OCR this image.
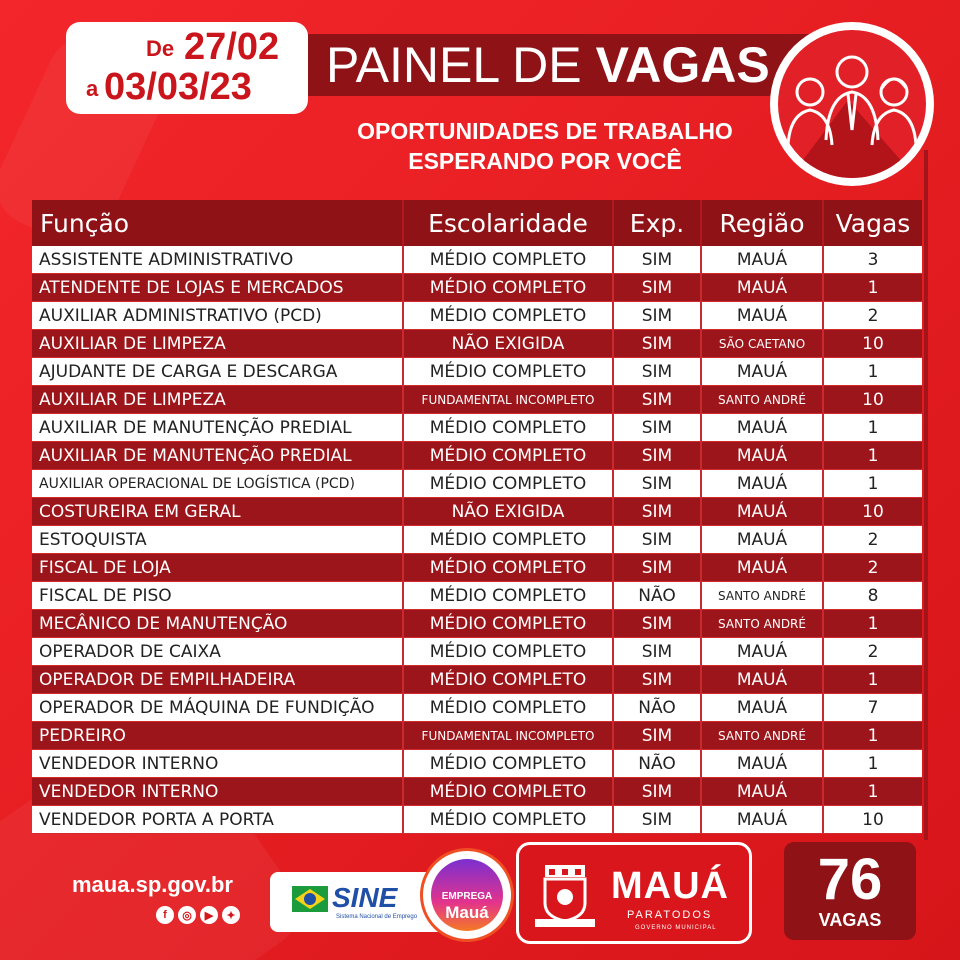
De 27/02
a 03/03/23 PAINEL DE VAGAS
OPORTUNIDADES DE TRABALHO
ESPERANDO POR VOCÊ
Função	Escolaridade	Exp.	Região	Vagas
ASSISTENTE ADMINISTRATIVO	MÉDIO COMPLETO	SIM	MAUÁ	3
ATENDENTE DE LOJAS E MERCADOS	MÉDIO COMPLETO	SIM	MAUÁ	1
AUXILIAR ADMINISTRATIVO (PCD)	MÉDIO COMPLETO	SIM	MAUÁ	2
AUXILIAR DE LIMPEZA	NÃO EXIGIDA	SIM	SÃO CAETANO	10
AJUDANTE DE CARGA E DESCARGA	MÉDIO COMPLETO	SIM	MAUÁ	1
AUXILIAR DE LIMPEZA	FUNDAMENTAL INCOMPLETO	SIM	SANTO ANDRÉ	10
AUXILIAR DE MANUTENÇÃO PREDIAL	MÉDIO COMPLETO	SIM	MAUÁ	1
AUXILIAR DE MANUTENÇÃO PREDIAL	MÉDIO COMPLETO	SIM	MAUÁ	1
AUXILIAR OPERACIONAL DE LOGÍSTICA (PCD)	MÉDIO COMPLETO	SIM	MAUÁ	1
COSTUREIRA EM GERAL	NÃO EXIGIDA	SIM	MAUÁ	10
ESTOQUISTA	MÉDIO COMPLETO	SIM	MAUÁ	2
FISCAL DE LOJA	MÉDIO COMPLETO	SIM	MAUÁ	2
FISCAL DE PISO	MÉDIO COMPLETO	NÃO	SANTO ANDRÉ	8
MECÂNICO DE MANUTENÇÃO	MÉDIO COMPLETO	SIM	SANTO ANDRÉ	1
OPERADOR DE CAIXA	MÉDIO COMPLETO	SIM	MAUÁ	2
OPERADOR DE EMPILHADEIRA	MÉDIO COMPLETO	SIM	MAUÁ	1
OPERADOR DE MÁQUINA DE FUNDIÇÃO	MÉDIO COMPLETO	NÃO	MAUÁ	7
PEDREIRO	FUNDAMENTAL INCOMPLETO	SIM	SANTO ANDRÉ	1
VENDEDOR INTERNO	MÉDIO COMPLETO	NÃO	MAUÁ	1
VENDEDOR INTERNO	MÉDIO COMPLETO	SIM	MAUÁ	1
VENDEDOR PORTA A PORTA	MÉDIO COMPLETO	SIM	MAUÁ	10
maua.sp.gov.br
f	◎	▶	✦
SINE
Sistema Nacional de Emprego
EMPREGA
Mauá
MAUÁ
PARATODOS
GOVERNO MUNICIPAL
76
VAGAS
